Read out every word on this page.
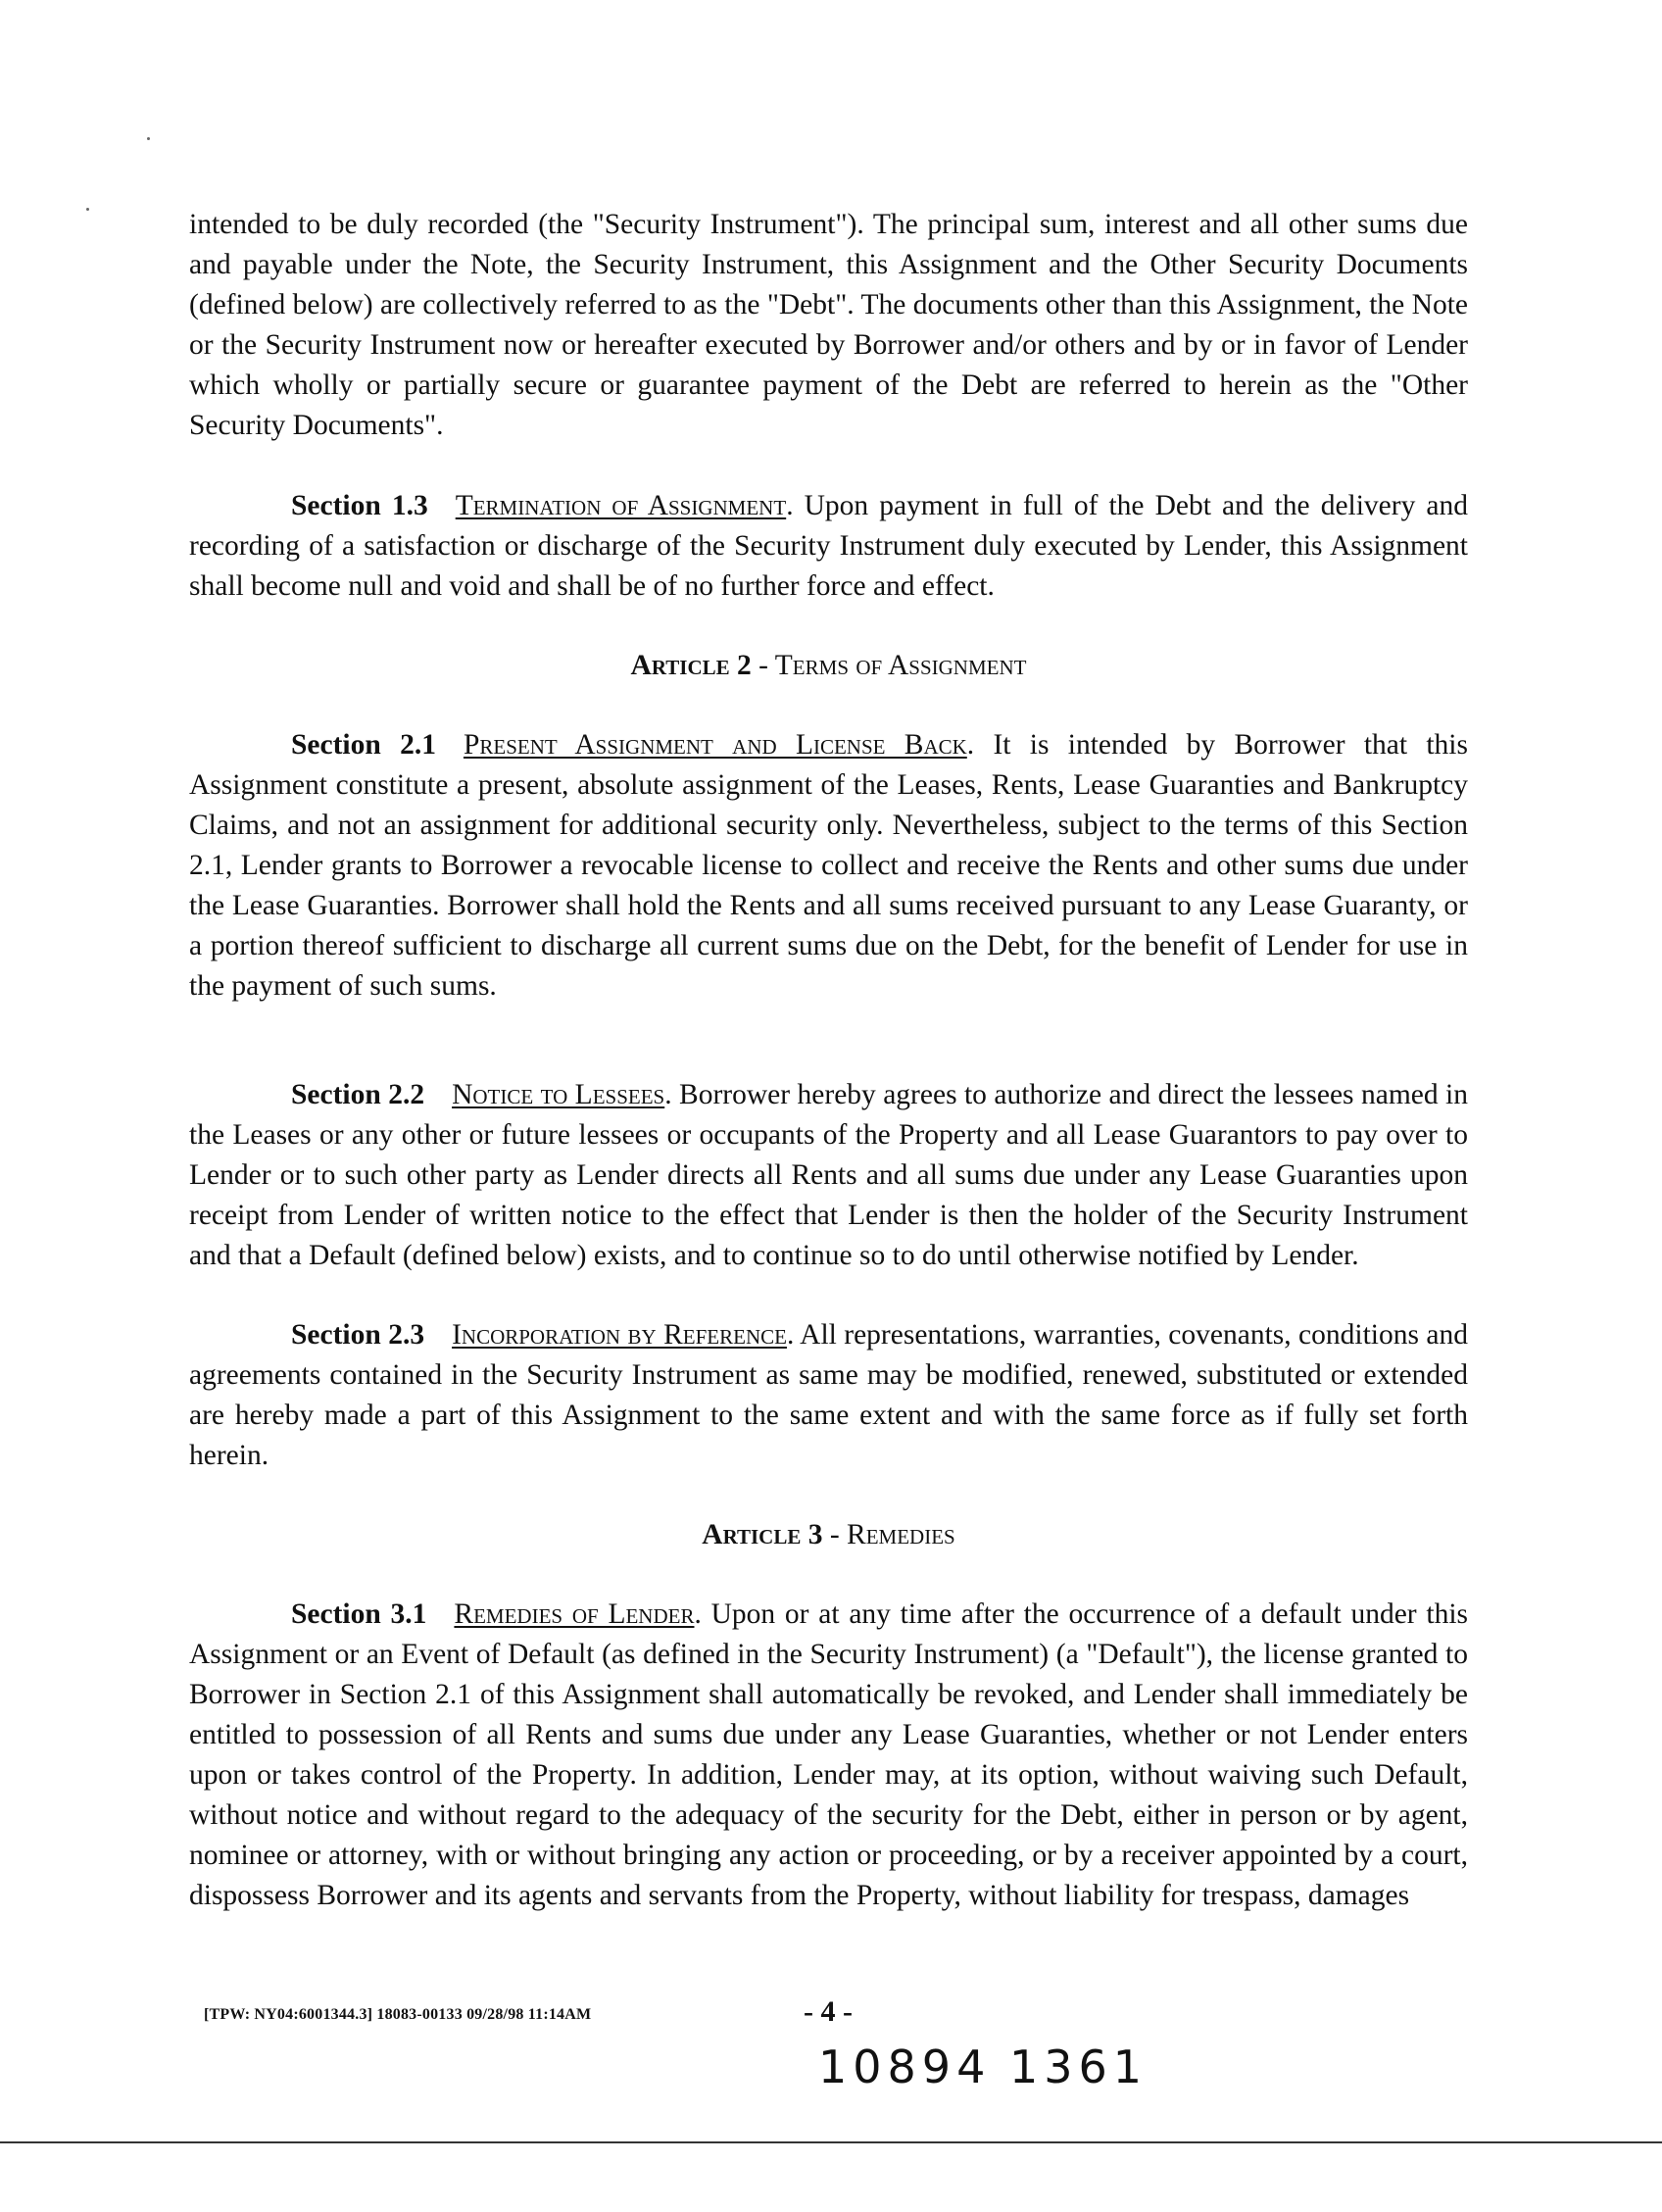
intended to be duly recorded (the "Security Instrument"). The principal sum, interest and all other sums due and payable under the Note, the Security Instrument, this Assignment and the Other Security Documents (defined below) are collectively referred to as the "Debt". The documents other than this Assignment, the Note or the Security Instrument now or hereafter executed by Borrower and/or others and by or in favor of Lender which wholly or partially secure or guarantee payment of the Debt are referred to herein as the "Other Security Documents".

Section 1.3 Termination of Assignment. Upon payment in full of the Debt and the delivery and recording of a satisfaction or discharge of the Security Instrument duly executed by Lender, this Assignment shall become null and void and shall be of no further force and effect.

Article 2 - Terms of Assignment

Section 2.1 Present Assignment and License Back. It is intended by Borrower that this Assignment constitute a present, absolute assignment of the Leases, Rents, Lease Guaranties and Bankruptcy Claims, and not an assignment for additional security only. Nevertheless, subject to the terms of this Section 2.1, Lender grants to Borrower a revocable license to collect and receive the Rents and other sums due under the Lease Guaranties. Borrower shall hold the Rents and all sums received pursuant to any Lease Guaranty, or a portion thereof sufficient to discharge all current sums due on the Debt, for the benefit of Lender for use in the payment of such sums.

Section 2.2 Notice to Lessees. Borrower hereby agrees to authorize and direct the lessees named in the Leases or any other or future lessees or occupants of the Property and all Lease Guarantors to pay over to Lender or to such other party as Lender directs all Rents and all sums due under any Lease Guaranties upon receipt from Lender of written notice to the effect that Lender is then the holder of the Security Instrument and that a Default (defined below) exists, and to continue so to do until otherwise notified by Lender.

Section 2.3 Incorporation by Reference. All representations, warranties, covenants, conditions and agreements contained in the Security Instrument as same may be modified, renewed, substituted or extended are hereby made a part of this Assignment to the same extent and with the same force as if fully set forth herein.

Article 3 - Remedies

Section 3.1 Remedies of Lender. Upon or at any time after the occurrence of a default under this Assignment or an Event of Default (as defined in the Security Instrument) (a "Default"), the license granted to Borrower in Section 2.1 of this Assignment shall automatically be revoked, and Lender shall immediately be entitled to possession of all Rents and sums due under any Lease Guaranties, whether or not Lender enters upon or takes control of the Property. In addition, Lender may, at its option, without waiving such Default, without notice and without regard to the adequacy of the security for the Debt, either in person or by agent, nominee or attorney, with or without bringing any action or proceeding, or by a receiver appointed by a court, dispossess Borrower and its agents and servants from the Property, without liability for trespass, damages

[TPW: NY04:6001344.3] 18083-00133 09/28/98 11:14AM	- 4 -
10894 1361
